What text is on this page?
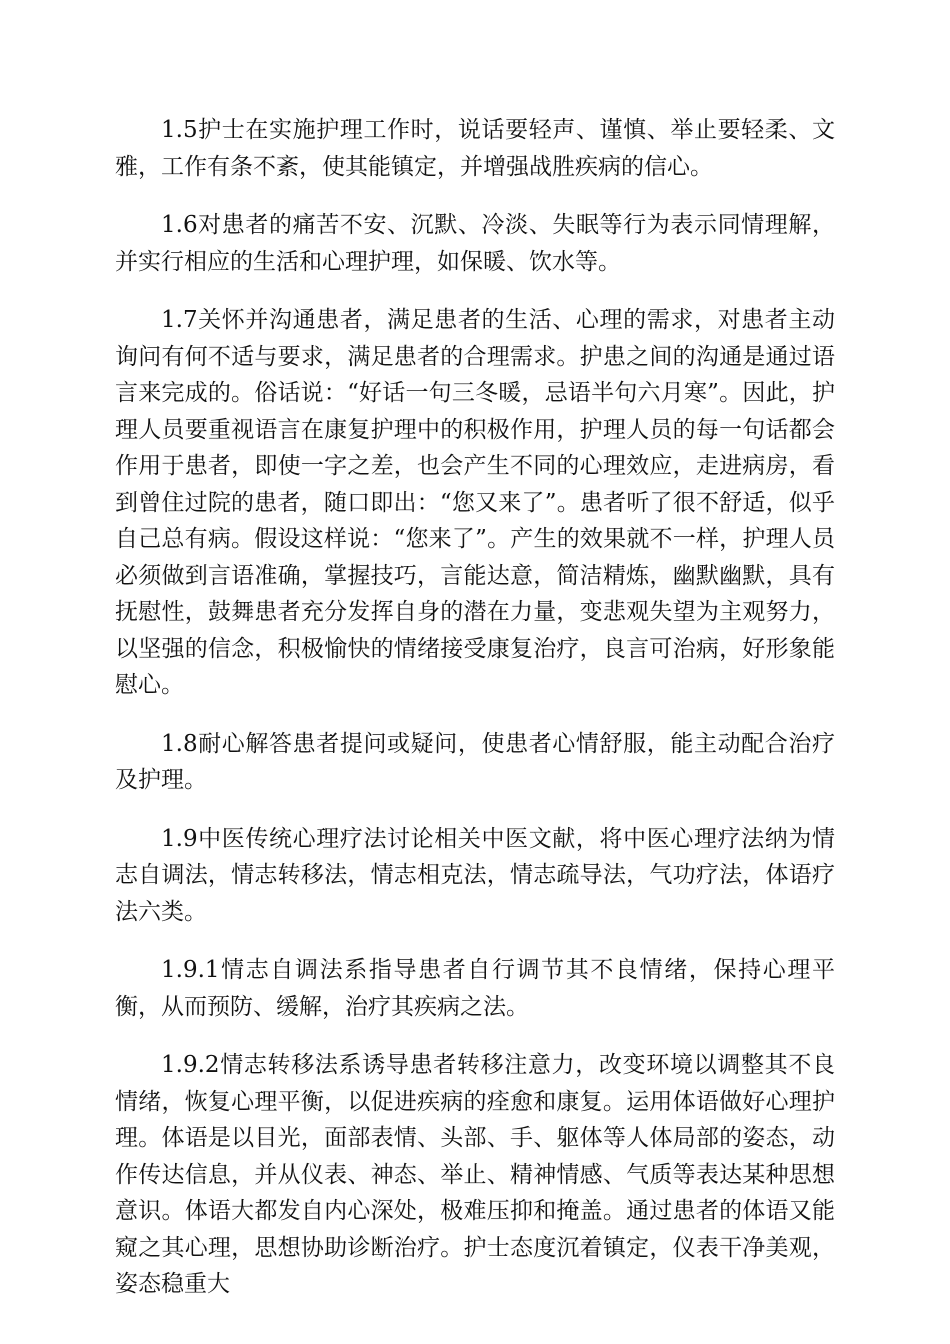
1.5护士在实施护理工作时，说话要轻声、谨慎、举止要轻柔、文雅，工作有条不紊，使其能镇定，并增强战胜疾病的信心。

1.6对患者的痛苦不安、沉默、冷淡、失眠等行为表示同情理解，并实行相应的生活和心理护理，如保暖、饮水等。

1.7关怀并沟通患者，满足患者的生活、心理的需求，对患者主动询问有何不适与要求，满足患者的合理需求。护患之间的沟通是通过语言来完成的。俗话说：“好话一句三冬暖，忌语半句六月寒”。因此，护理人员要重视语言在康复护理中的积极作用，护理人员的每一句话都会作用于患者，即使一字之差，也会产生不同的心理效应，走进病房，看到曾住过院的患者，随口即出：“您又来了”。患者听了很不舒适，似乎自己总有病。假设这样说：“您来了”。产生的效果就不一样，护理人员必须做到言语准确，掌握技巧，言能达意，简洁精炼，幽默幽默，具有抚慰性，鼓舞患者充分发挥自身的潜在力量，变悲观失望为主观努力，以坚强的信念，积极愉快的情绪接受康复治疗，良言可治病，好形象能慰心。

1.8耐心解答患者提问或疑问，使患者心情舒服，能主动配合治疗及护理。

1.9中医传统心理疗法讨论相关中医文献，将中医心理疗法纳为情志自调法，情志转移法，情志相克法，情志疏导法，气功疗法，体语疗法六类。

1.9.1情志自调法系指导患者自行调节其不良情绪，保持心理平衡，从而预防、缓解，治疗其疾病之法。

1.9.2情志转移法系诱导患者转移注意力，改变环境以调整其不良情绪，恢复心理平衡，以促进疾病的痊愈和康复。运用体语做好心理护理。体语是以目光，面部表情、头部、手、躯体等人体局部的姿态，动作传达信息，并从仪表、神态、举止、精神情感、气质等表达某种思想意识。体语大都发自内心深处，极难压抑和掩盖。通过患者的体语又能窥之其心理，思想协助诊断治疗。护士态度沉着镇定，仪表干净美观，姿态稳重大
